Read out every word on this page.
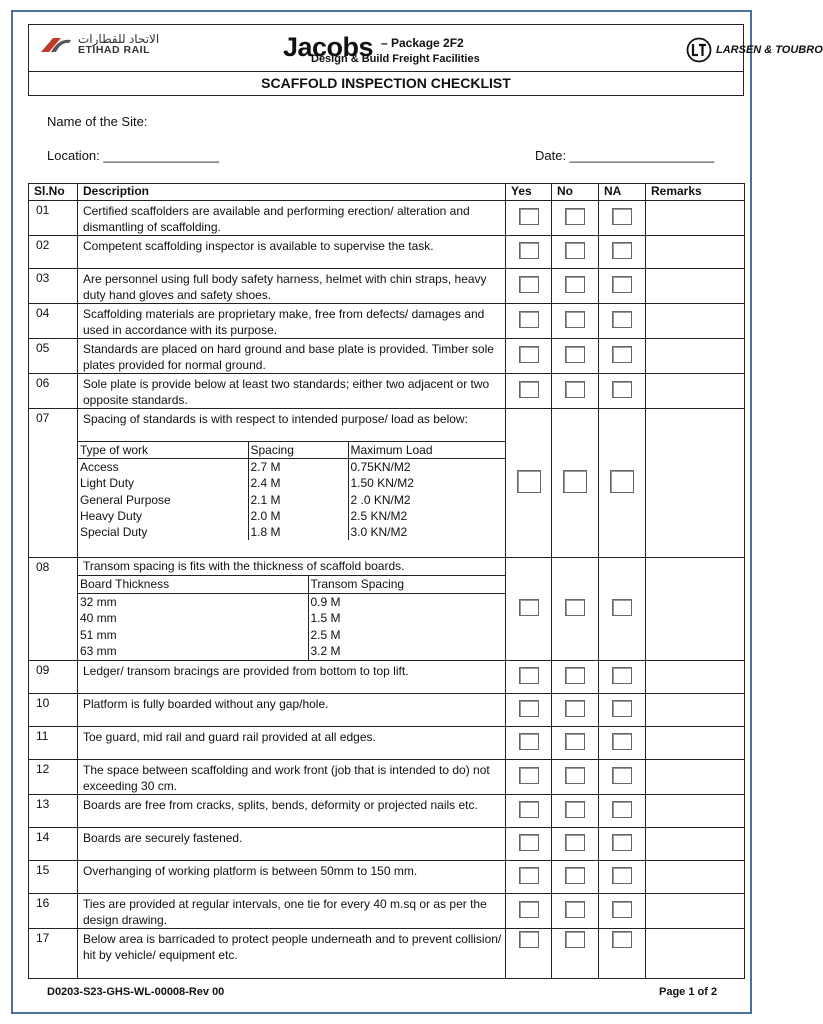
الاتحاد للقطارات
ETIHAD RAIL	Jacobs – Package 2F2
Design & Build Freight Facilities
LARSEN & TOUBRO
SCAFFOLD INSPECTION CHECKLIST
Name of the Site:
Location: ________________	Date: ____________________
Sl.No	Description	Yes	No	NA	Remarks
01	Certified scaffolders are available and performing erection/ alteration and dismantling of scaffolding.				
02	Competent scaffolding inspector is available to supervise the task.				
03	Are personnel using full body safety harness, helmet with chin straps, heavy duty hand gloves and safety shoes.				
04	Scaffolding materials are proprietary make, free from defects/ damages and used in accordance with its purpose.				
05	Standards are placed on hard ground and base plate is provided. Timber sole plates provided for normal ground.				
06	Sole plate is provide below at least two standards; either two adjacent or two opposite standards.				
07	Spacing of standards is with respect to intended purpose/ load as below:
Type of work	Spacing	Maximum Load
Access	2.7 M	0.75KN/M2
Light Duty	2.4 M	1.50 KN/M2
General Purpose	2.1 M	2 .0 KN/M2
Heavy Duty	2.0 M	2.5 KN/M2
Special Duty	1.8 M	3.0 KN/M2

08	Transom spacing is fits with the thickness of scaffold boards.
Board Thickness	Transom Spacing
32 mm	0.9 M
40 mm	1.5 M
51 mm	2.5 M
63 mm	3.2 M

09	Ledger/ transom bracings are provided from bottom to top lift.				
10	Platform is fully boarded without any gap/hole.				
11	Toe guard, mid rail and guard rail provided at all edges.				
12	The space between scaffolding and work front (job that is intended to do) not exceeding 30 cm.				
13	Boards are free from cracks, splits, bends, deformity or projected nails etc.				
14	Boards are securely fastened.				
15	Overhanging of working platform is between 50mm to 150 mm.				
16	Ties are provided at regular intervals, one tie for every 40 m.sq or as per the design drawing.				
17	Below area is barricaded to protect people underneath and to prevent collision/ hit by vehicle/ equipment etc.				
D0203-S23-GHS-WL-00008-Rev 00	Page 1 of 2
